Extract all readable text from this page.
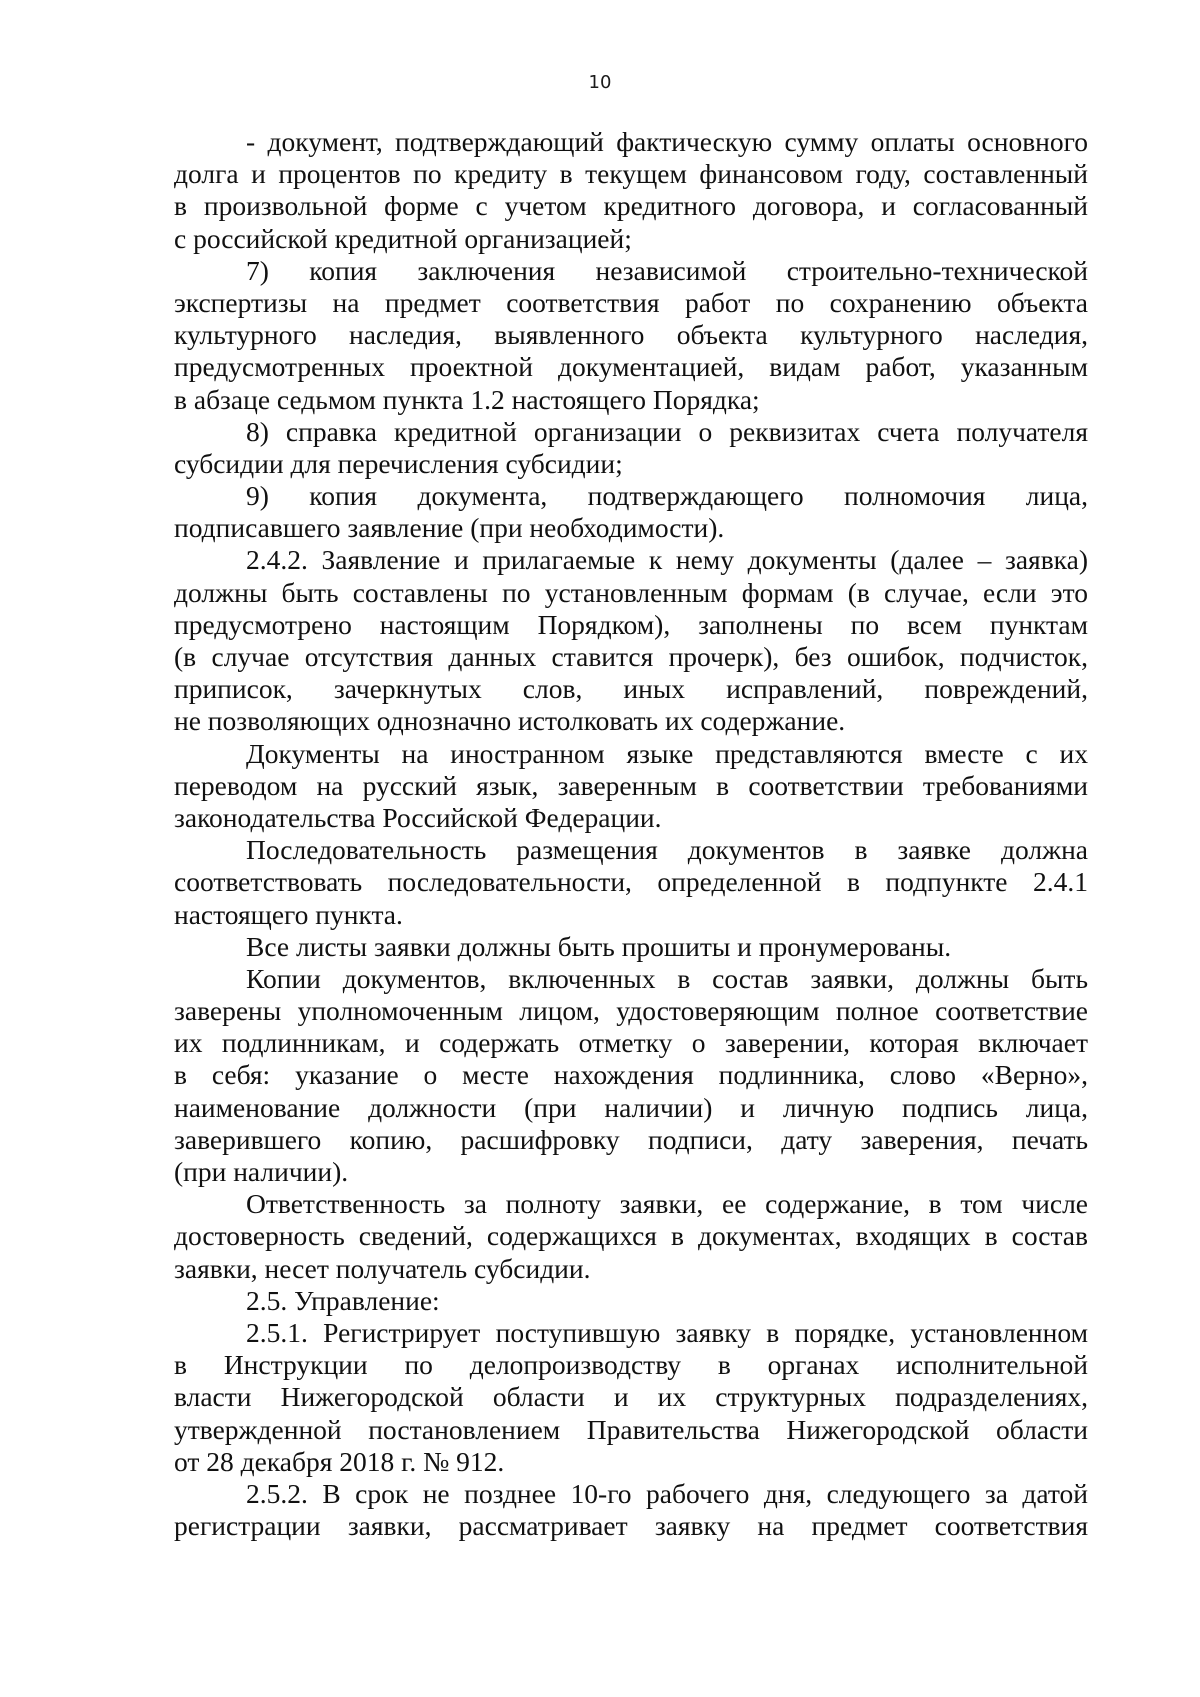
10
- документ, подтверждающий фактическую сумму оплаты основного
долга и процентов по кредиту в текущем финансовом году, составленный
в произвольной форме с учетом кредитного договора, и согласованный
с российской кредитной организацией;
7) копия заключения независимой строительно-технической
экспертизы на предмет соответствия работ по сохранению объекта
культурного наследия, выявленного объекта культурного наследия,
предусмотренных проектной документацией, видам работ, указанным
в абзаце седьмом пункта 1.2 настоящего Порядка;
8) справка кредитной организации о реквизитах счета получателя
субсидии для перечисления субсидии;
9) копия документа, подтверждающего полномочия лица,
подписавшего заявление (при необходимости).
2.4.2. Заявление и прилагаемые к нему документы (далее – заявка)
должны быть составлены по установленным формам (в случае, если это
предусмотрено настоящим Порядком), заполнены по всем пунктам
(в случае отсутствия данных ставится прочерк), без ошибок, подчисток,
приписок, зачеркнутых слов, иных исправлений, повреждений,
не позволяющих однозначно истолковать их содержание.
Документы на иностранном языке представляются вместе с их
переводом на русский язык, заверенным в соответствии требованиями
законодательства Российской Федерации.
Последовательность размещения документов в заявке должна
соответствовать последовательности, определенной в подпункте 2.4.1
настоящего пункта.
Все листы заявки должны быть прошиты и пронумерованы.
Копии документов, включенных в состав заявки, должны быть
заверены уполномоченным лицом, удостоверяющим полное соответствие
их подлинникам, и содержать отметку о заверении, которая включает
в себя: указание о месте нахождения подлинника, слово «Верно»,
наименование должности (при наличии) и личную подпись лица,
заверившего копию, расшифровку подписи, дату заверения, печать
(при наличии).
Ответственность за полноту заявки, ее содержание, в том числе
достоверность сведений, содержащихся в документах, входящих в состав
заявки, несет получатель субсидии.
2.5. Управление:
2.5.1. Регистрирует поступившую заявку в порядке, установленном
в Инструкции по делопроизводству в органах исполнительной
власти Нижегородской области и их структурных подразделениях,
утвержденной постановлением Правительства Нижегородской области
от 28 декабря 2018 г. № 912.
2.5.2. В срок не позднее 10-го рабочего дня, следующего за датой
регистрации заявки, рассматривает заявку на предмет соответствия
